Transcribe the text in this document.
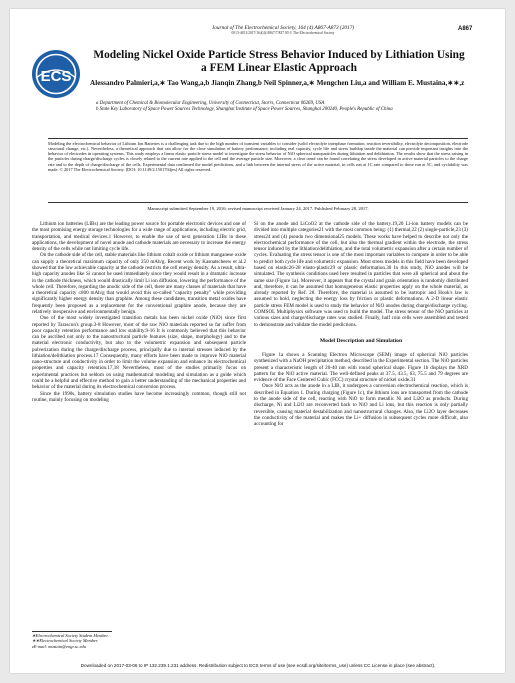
Journal of The Electrochemical Society, 164 (4) A867-A873 (2017)
0013-4651/2017/164(4)/A867/7/$37.00 © The Electrochemical Society
A867
ECS
Modeling Nickel Oxide Particle Stress Behavior Induced by Lithiation Using a FEM Linear Elastic Approach
Alessandro Palmieri,a,∗ Tao Wang,a,b Jianqin Zhang,b Neil Spinner,a,∗ Mengchen Liu,a and William E. Mustaina,∗∗,z
a Department of Chemical & Biomolecular Engineering, University of Connecticut, Storrs, Connecticut 06269, USA
b State Key Laboratory of Space Power Sources Technology, Shanghai Institute of Space Power Sources, Shanghai 200240, People's Republic of China
Modeling the electrochemical behavior of Lithium Ion Batteries is a challenging task due to the high number of transient variables to consider (solid electrolyte interphase formation, reaction reversibility, electrolyte decomposition, electrode structural change, etc.). Nevertheless, a theoretical approach that can allow for the close simulation of battery performance, including real capacity, cycle life and stress buildup inside the material can provide important insights into the behavior of electrodes in operating systems. This study employs a linear elastic particle stress model to investigate the stress behavior of NiO spherical nanoparticles during lithiation and delithiation. The results show that the stress arising in the particles during charge/discharge cycles is closely related to the current rate applied to the cell and the average particle size. Moreover, a clear trend can be found correlating the stress developed in active material particles to the charge rate and to the depth of charge/discharge of the cells. Experimental data confirmed the model predictions, and a link between the internal stress of the active material, in cells run at 1C rate compared to those run at 5C, and cyclability was made. © 2017 The Electrochemical Society. [DOI: 10.1149/2.1501704jes] All rights reserved.
Manuscript submitted September 19, 2016; revised manuscript received January 24, 2017. Published February 28, 2017.

Lithium ion batteries (LIBs) are the leading power source for portable electronic devices and one of the most promising energy storage technologies for a wide range of applications, including electric grid, transportation, and medical devices.1 However, to enable the use of next generation LIBs in these applications, the development of novel anode and cathode materials are necessary to increase the energy density of the cells while not limiting cycle life.

On the cathode side of the cell, stable materials like lithium cobalt oxide or lithium manganese oxide can supply a theoretical maximum capacity of only 250 mAh/g. Recent work by Kasnatscheew et al.2 showed that the low achievable capacity at the cathode restricts the cell energy density. As a result, ultra-high capacity anodes like Si cannot be used immediately since they would result in a dramatic increase in the cathode thickness, which would drastically limit Li ion diffusion, lowering the performance of the whole cell. Therefore, regarding the anodic side of the cell, there are many classes of materials that have a theoretical capacity ≤800 mAh/g that would avoid this so-called "capacity penalty" while providing significantly higher energy density than graphite. Among these candidates, transition metal oxides have frequently been proposed as a replacement for the conventional graphite anode, because they are relatively inexpensive and environmentally benign.

One of the most widely investigated transition metals has been nickel oxide (NiO) since first reported by Tarascon's group.3-8 However, most of the raw NiO materials reported so far suffer from poor capacity retention performance and low stability.9-16 It is commonly believed that this behavior can be ascribed not only to the nanostructural particle features (size, shape, morphology) and to the material electronic conductivity, but also to the volumetric expansion and subsequent particle pulverization during the charge/discharge process, principally due to internal stresses induced by the lithiation/delithiation process.17 Consequently, many efforts have been made to improve NiO material nano-structure and conductivity in order to limit the volume expansion and enhance its electrochemical properties and capacity retention.17,18 Nevertheless, most of the studies primarily focus on experimental practices but seldom on using mathematical modeling and simulation as a guide which could be a helpful and effective method to gain a better understanding of the mechanical properties and behavior of the material during its electrochemical conversion process.

Since the 1990s, battery simulation studies have become increasingly common, though still not routine, mainly focusing on modeling

Si on the anode and LiCoO2 at the cathode side of the battery.19,20 Li-ion battery models can be divided into multiple categories21 with the most common being: (1) thermal,22 (2) single-particle,23 (3) stress24 and (4) pseudo two dimensional25 models. These works have helped to describe not only the electrochemical performance of the cell, but also the thermal gradient within the electrode, the stress tensor induced by the lithiation/delithiation, and the total volumetric expansion after a certain number of cycles. Evaluating the stress tensor is one of the most important variables to compute in order to be able to predict both cycle life and volumetric expansion. Most stress models in this field have been developed based on elastic26-28 elasto-plastic29 or plastic deformation.30 In this study, NiO anodes will be simulated. The synthesis conditions used here resulted in particles that were all spherical and about the same size (Figure 1a). Moreover, it appears that the crystal and grain orientation is randomly distributed and, therefore, it can be assumed that homogeneous elastic properties apply on the whole material, as already reported by Ref. 28. Therefore, the material is assumed to be isotropic and Hook's law is assumed to hold, neglecting the energy loss by friction or plastic deformations. A 2-D linear elastic particle stress FEM model is used to study the behavior of NiO anodes during charge/discharge cycling. COMSOL Multiphysics software was used to build the model. The stress tensor of the NiO particles at various sizes and charge/discharge rates was studied. Finally, half coin cells were assembled and tested to demonstrate and validate the model predictions.

Model Description and Simulation

Figure 1a shows a Scanning Electron Microscope (SEM) image of spherical NiO particles synthesized with a NaOH precipitation method, described in the Experimental section. The NiO particles present a characteristic length of 20-40 nm with round spherical shape. Figure 1b displays the XRD pattern for the NiO active material. The well-defined peaks at 37.5, 43.5, 63, 75.5 and 79 degrees are evidence of the Face Centered Cubic (FCC) crystal structure of nickel oxide.31

Once NiO acts as the anode in a LIB, it undergoes a conversion electrochemical reaction, which is described in Equation 1. During charging (Figure 1c), the lithium ions are transported from the cathode to the anode side of the cell, reacting with NiO to form metallic Ni and Li2O as products. During discharge, Ni and Li2O are reconverted back to NiO and Li ions, but this reaction is only partially reversible, causing material destabilization and nanostructural changes. Also, the Li2O layer decreases the conductivity of the material and makes the Li+ diffusion in subsequent cycles more difficult, also accounting for

∗Electrochemical Society Student Member.
∗∗Electrochemical Society Member.
zE-mail: mustain@engr.sc.edu
Downloaded on 2017-03-06 to IP 132.239.1.231 address. Redistribution subject to ECS terms of use (see ecsdl.org/site/terms_use) unless CC License in place (see abstract).
